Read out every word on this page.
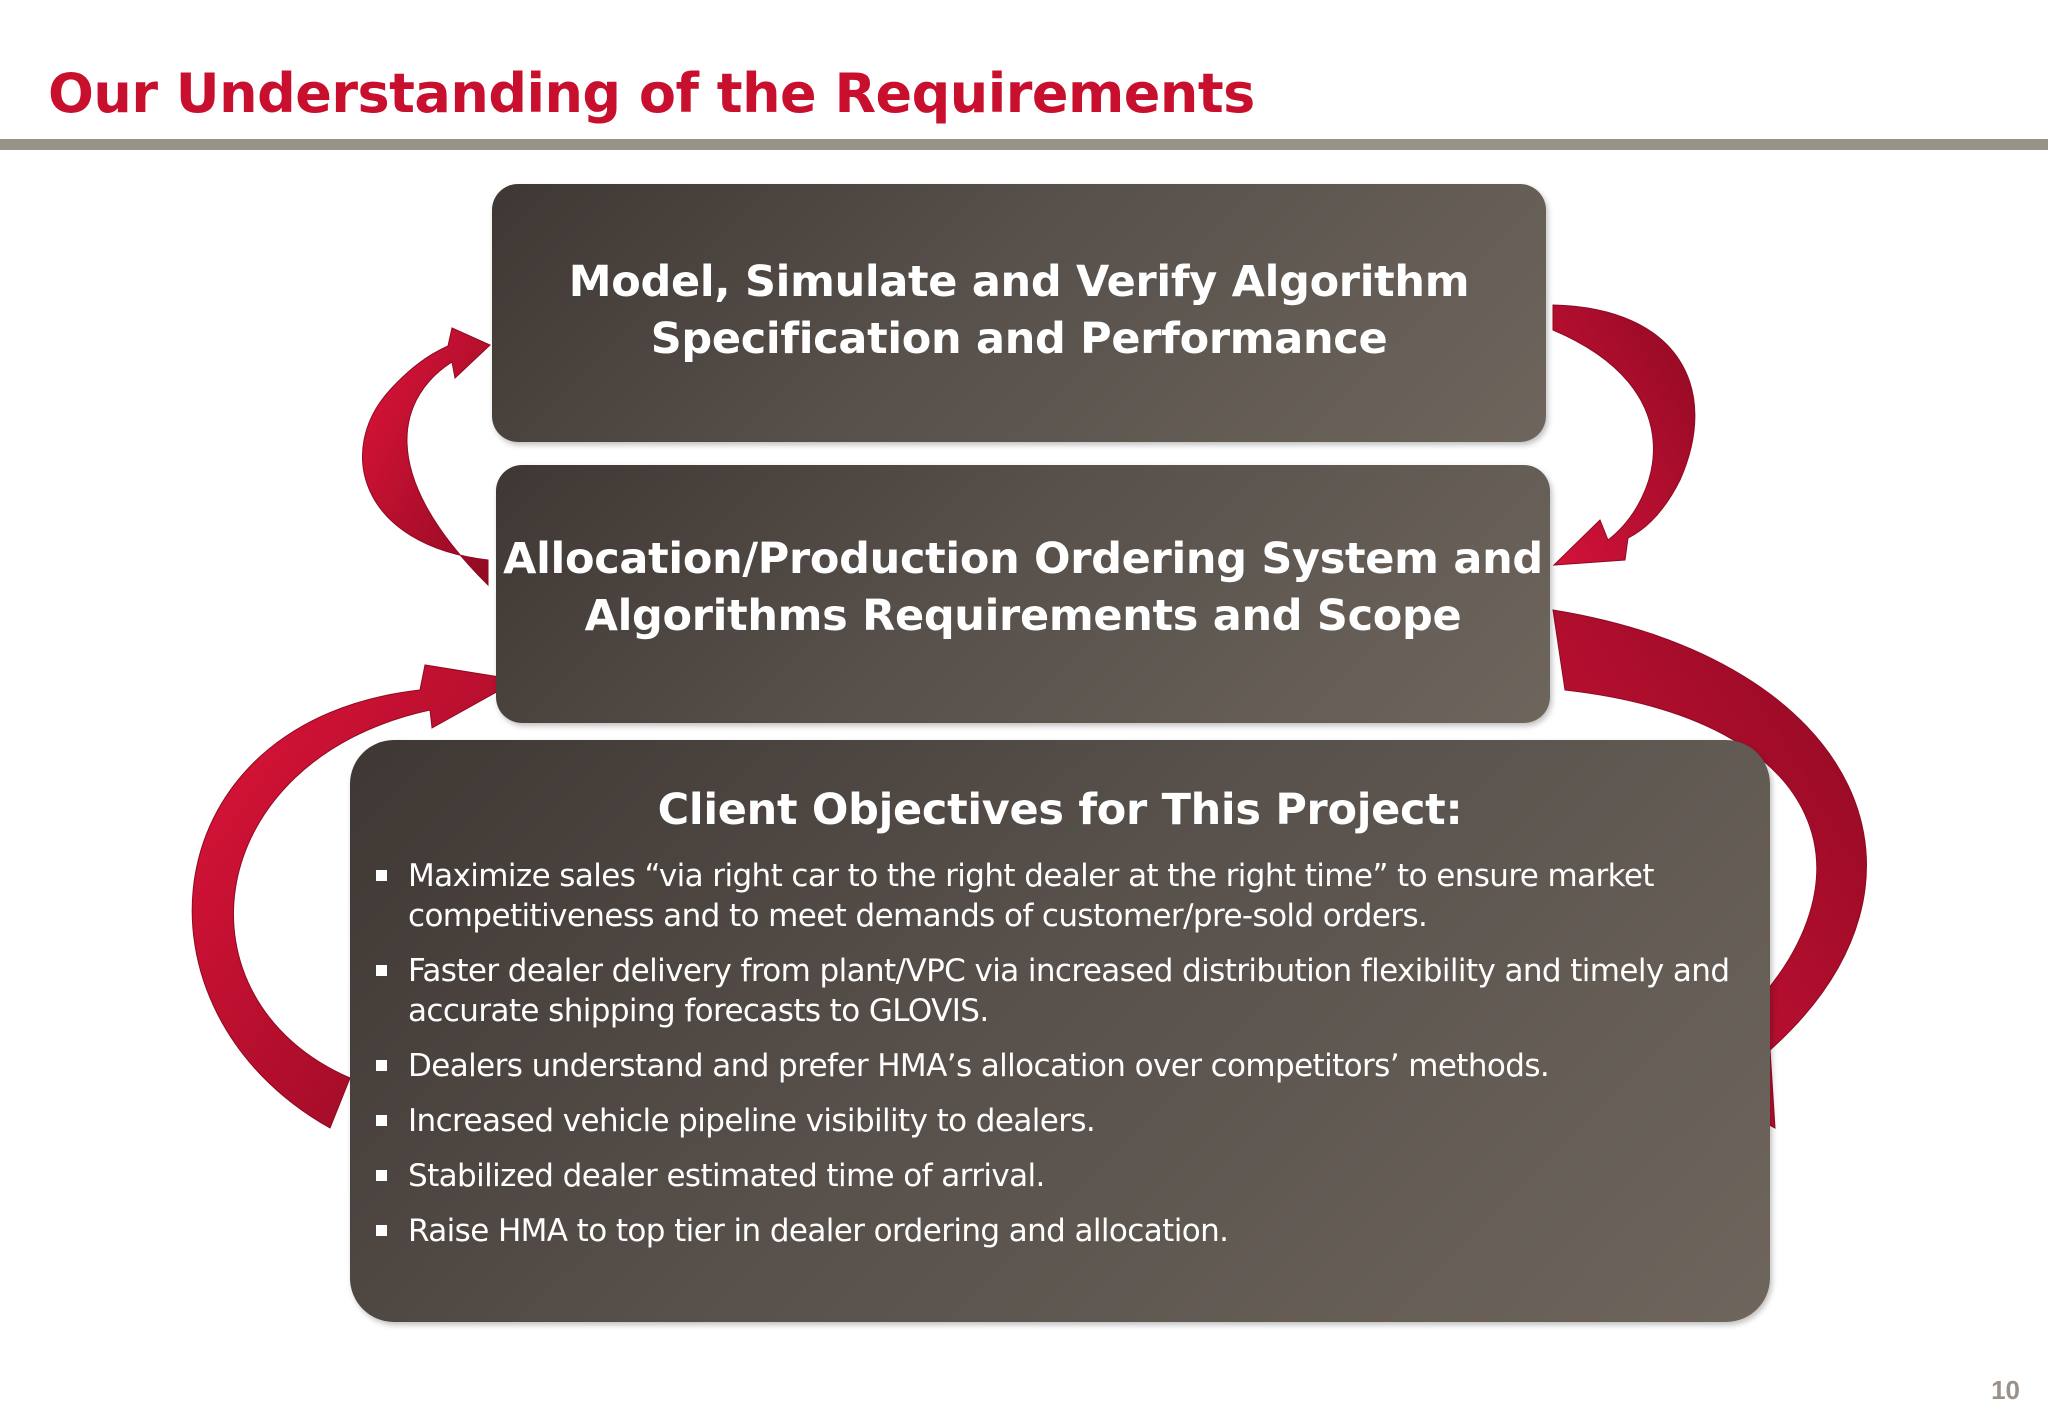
Our Understanding of the Requirements
Model, Simulate and Verify Algorithm
Specification and Performance
Allocation/Production Ordering System and
Algorithms Requirements and Scope
Client Objectives for This Project:
Maximize sales “via right car to the right dealer at the right time” to ensure market competitiveness and to meet demands of customer/pre-sold orders.
Faster dealer delivery from plant/VPC via increased distribution flexibility and timely and accurate shipping forecasts to GLOVIS.
Dealers understand and prefer HMA’s allocation over competitors’ methods.
Increased vehicle pipeline visibility to dealers.
Stabilized dealer estimated time of arrival.
Raise HMA to top tier in dealer ordering and allocation.
10
